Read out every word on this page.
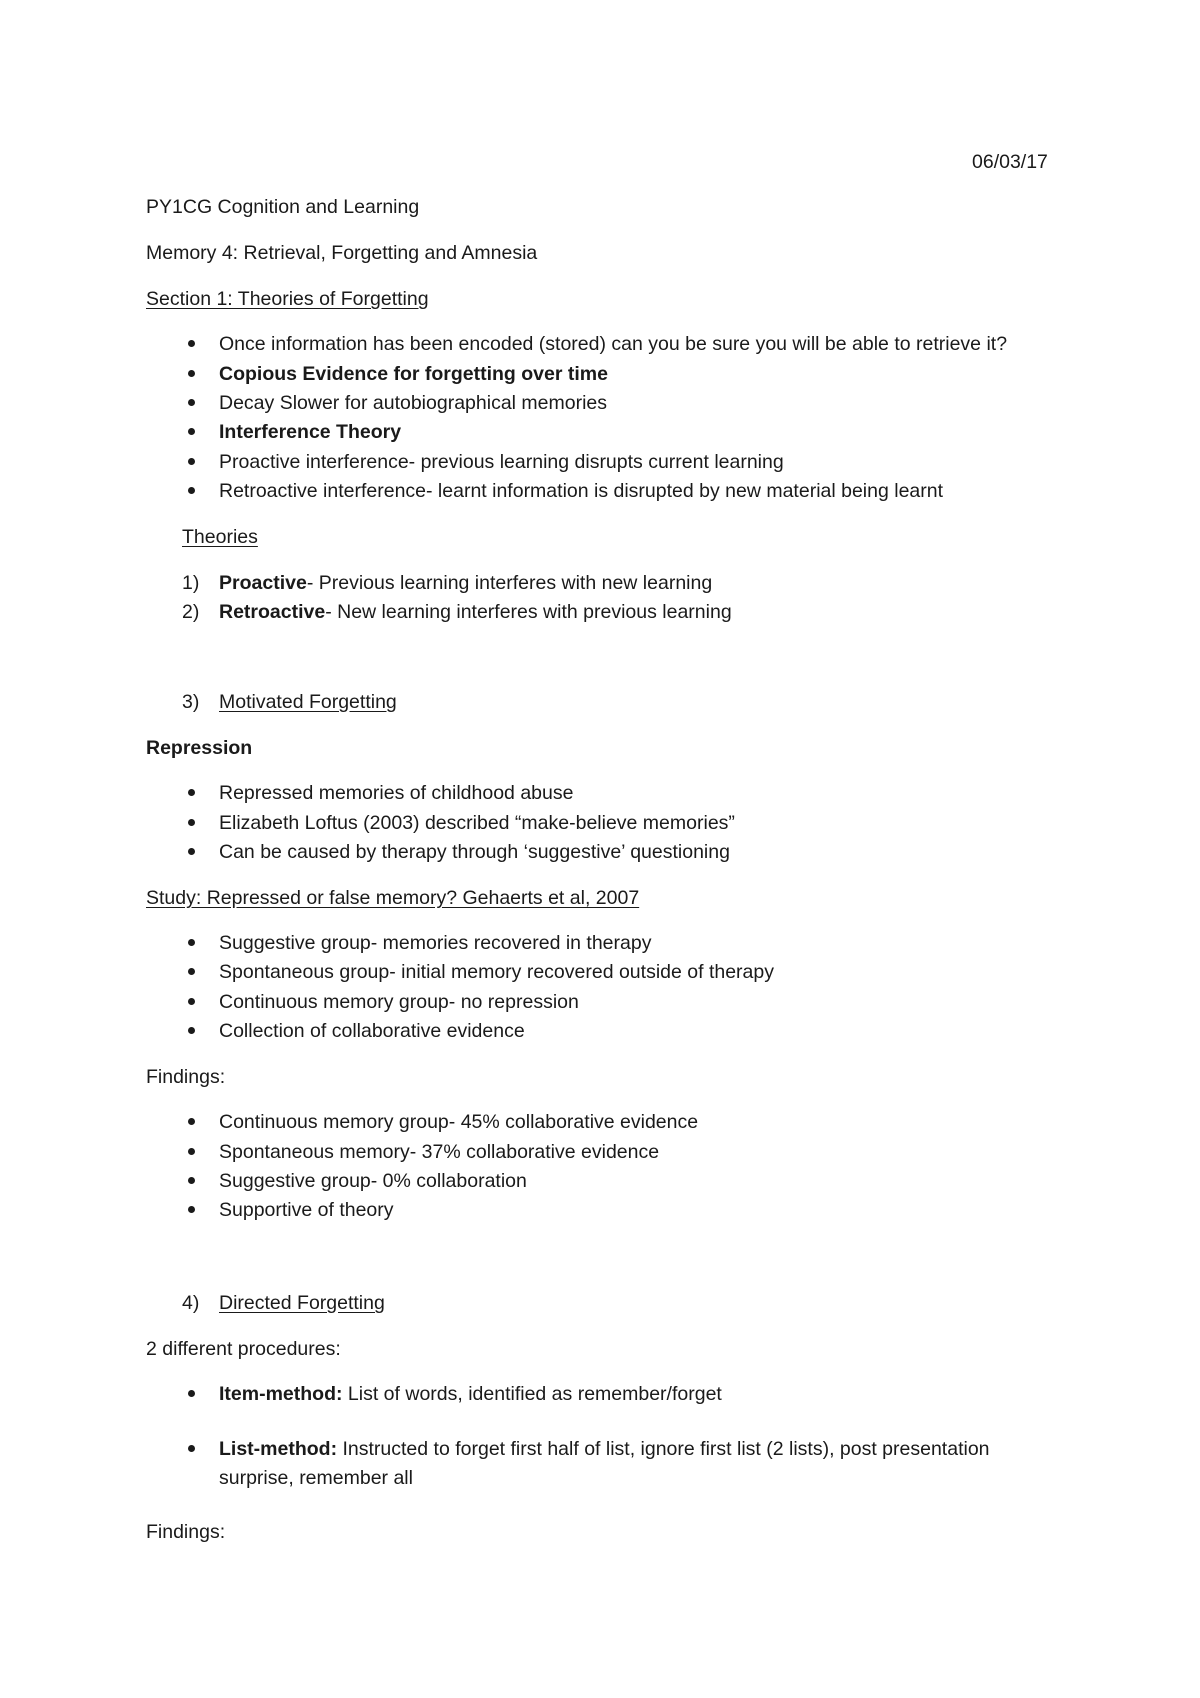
06/03/17
PY1CG Cognition and Learning
Memory 4: Retrieval, Forgetting and Amnesia
Section 1: Theories of Forgetting
Once information has been encoded (stored) can you be sure you will be able to retrieve it?
Copious Evidence for forgetting over time
Decay Slower for autobiographical memories
Interference Theory
Proactive interference- previous learning disrupts current learning
Retroactive interference- learnt information is disrupted by new material being learnt
Theories
1) Proactive- Previous learning interferes with new learning
2) Retroactive- New learning interferes with previous learning
3) Motivated Forgetting
Repression
Repressed memories of childhood abuse
Elizabeth Loftus (2003) described “make-believe memories”
Can be caused by therapy through ‘suggestive’ questioning
Study: Repressed or false memory? Gehaerts et al, 2007
Suggestive group- memories recovered in therapy
Spontaneous group- initial memory recovered outside of therapy
Continuous memory group- no repression
Collection of collaborative evidence
Findings:
Continuous memory group- 45% collaborative evidence
Spontaneous memory- 37% collaborative evidence
Suggestive group- 0% collaboration
Supportive of theory
4) Directed Forgetting
2 different procedures:
Item-method: List of words, identified as remember/forget
List-method: Instructed to forget first half of list, ignore first list (2 lists), post presentation
surprise, remember all
Findings:
